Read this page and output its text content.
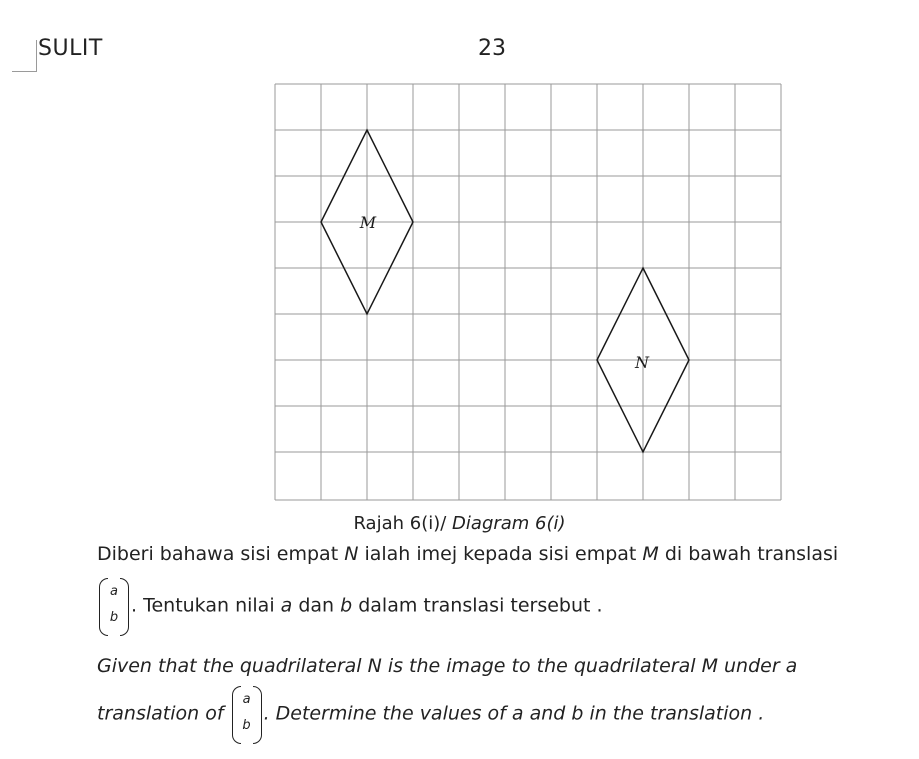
SULIT	23
M
N
Rajah 6(i)/ Diagram 6(i)
Diberi bahawa sisi empat N ialah imej kepada sisi empat M di bawah translasi
a
b
. Tentukan nilai a dan b dalam translasi tersebut .
Given that the quadrilateral N is the image to the quadrilateral M under a
translation of
a
b
. Determine the values of a and b in the translation .
